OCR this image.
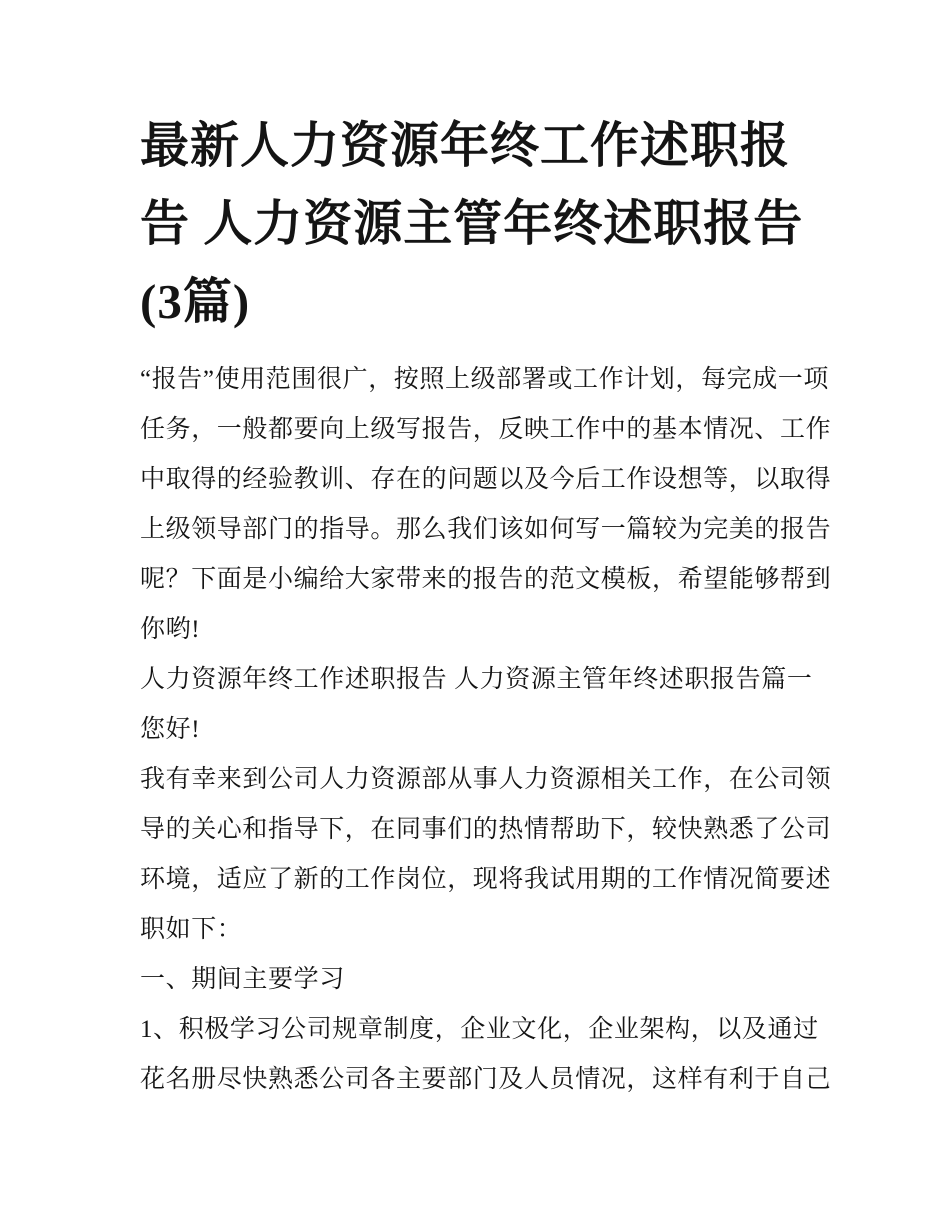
最新人力资源年终工作述职报
告 人力资源主管年终述职报告
(3篇)
“报告”使用范围很广，按照上级部署或工作计划，每完成一项
任务，一般都要向上级写报告，反映工作中的基本情况、工作
中取得的经验教训、存在的问题以及今后工作设想等，以取得
上级领导部门的指导。那么我们该如何写一篇较为完美的报告
呢？下面是小编给大家带来的报告的范文模板，希望能够帮到
你哟!
人力资源年终工作述职报告 人力资源主管年终述职报告篇一
您好!
我有幸来到公司人力资源部从事人力资源相关工作，在公司领
导的关心和指导下，在同事们的热情帮助下，较快熟悉了公司
环境，适应了新的工作岗位，现将我试用期的工作情况简要述
职如下：
一、期间主要学习
1、积极学习公司规章制度，企业文化，企业架构，以及通过
花名册尽快熟悉公司各主要部门及人员情况，这样有利于自己
